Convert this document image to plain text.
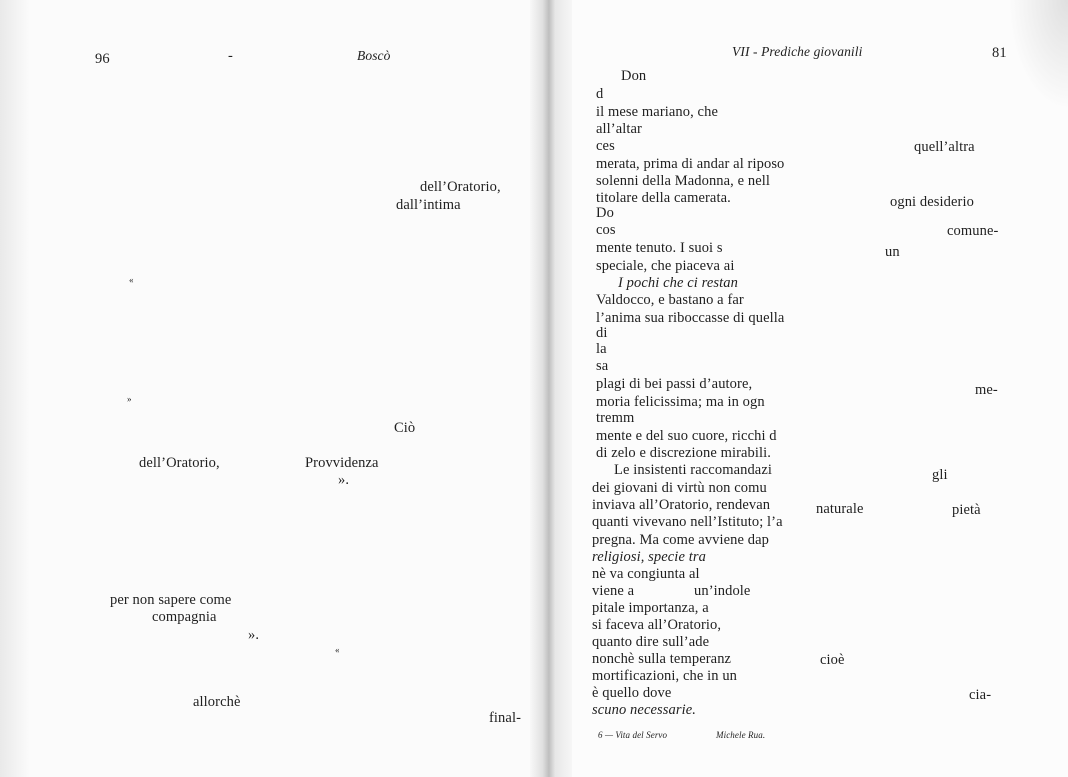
96	-	Boscò
dell’Oratorio,
dall’intima
«
»
Ciò
dell’Oratorio,	Provvidenza
».
per non sapere come
compagnia
».
«
allorchè
final-
VII - Prediche giovanili	81
Don
d
il mese mariano, che
all’altar
ces
merata, prima di andar al riposo
solenni della Madonna, e nell
titolare della camerata.
Do
cos
mente tenuto. I suoi s
speciale, che piaceva ai
I pochi che ci restan
Valdocco, e bastano a far
l’anima sua riboccasse di quella
di
la
sa
plagi di bei passi d’autore,
moria felicissima; ma in ogn
tremm
mente e del suo cuore, ricchi d
di zelo e discrezione mirabili.
Le insistenti raccomandazi
dei giovani di virtù non comu
inviava all’Oratorio, rendevan
quanti vivevano nell’Istituto; l’a
pregna. Ma come avviene dap
religiosi, specie tra
nè va congiunta al
viene a
pitale importanza, a
si faceva all’Oratorio,
quanto dire sull’ade
nonchè sulla temperanz
mortificazioni, che in un
è quello dove
scuno necessarie.
quell’altra
ogni desiderio
comune-
un
me-
gli
naturale	pietà
un’indole
cioè
cia-
6 — Vita del Servo	Michele Rua.
